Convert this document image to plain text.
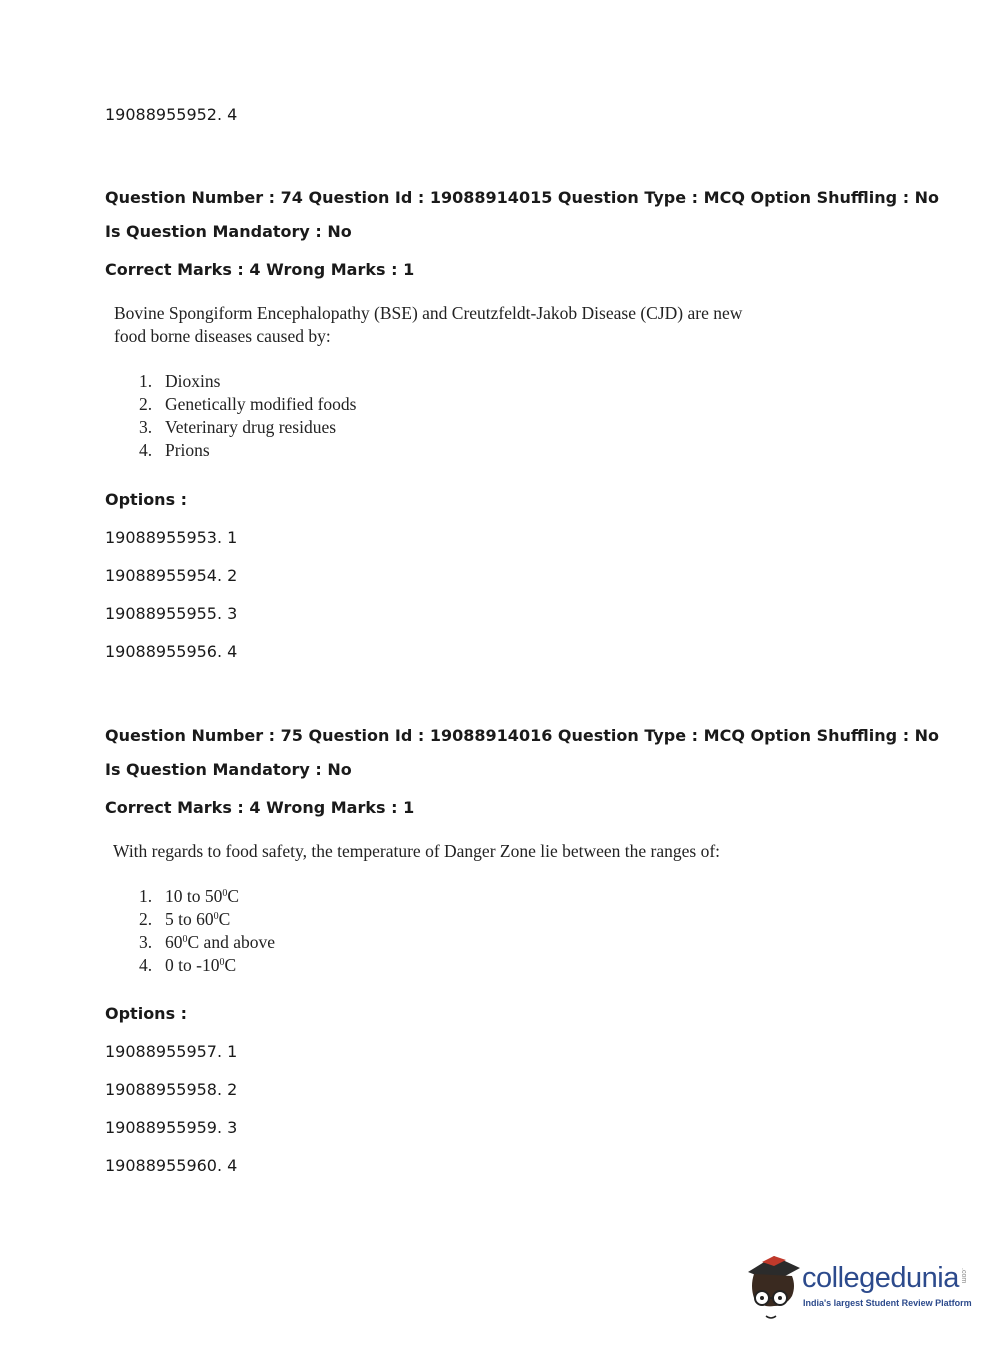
19088955952. 4
Question Number : 74 Question Id : 19088914015 Question Type : MCQ Option Shuffling : No
Is Question Mandatory : No
Correct Marks : 4 Wrong Marks : 1
Bovine Spongiform Encephalopathy (BSE) and Creutzfeldt-Jakob Disease (CJD) are new
food borne diseases caused by:
1. Dioxins
2. Genetically modified foods
3. Veterinary drug residues
4. Prions
Options :
19088955953. 1
19088955954. 2
19088955955. 3
19088955956. 4
Question Number : 75 Question Id : 19088914016 Question Type : MCQ Option Shuffling : No
Is Question Mandatory : No
Correct Marks : 4 Wrong Marks : 1
With regards to food safety, the temperature of Danger Zone lie between the ranges of:
1. 10 to $50^0C$
2. 5 to $60^0C$
3. $60^0C$ and above
4. 0 to $-10^0C$
Options :
19088955957. 1
19088955958. 2
19088955959. 3
19088955960. 4
collegedunia .com
India's largest Student Review Platform
